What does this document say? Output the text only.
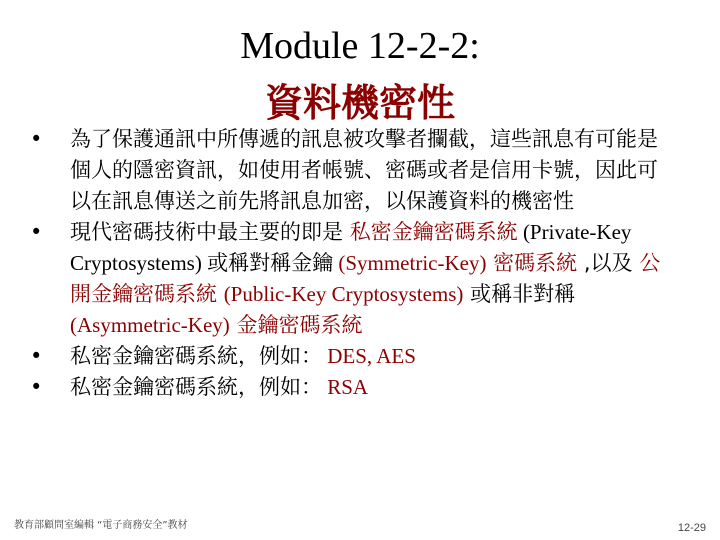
Module 12-2-2:
資料機密性
• 為了保護通訊中所傳遞的訊息被攻擊者攔截，這些訊息有可能是個人的隱密資訊，如使用者帳號、密碼或者是信用卡號，因此可以在訊息傳送之前先將訊息加密，以保護資料的機密性
• 現代密碼技術中最主要的即是 私密金鑰密碼系統 (Private-Key Cryptosystems) 或稱對稱金鑰 (Symmetric-Key) 密碼系統 ,以及 公開金鑰密碼系統 (Public-Key Cryptosystems) 或稱非對稱 (Asymmetric-Key) 金鑰密碼系統
• 私密金鑰密碼系統，例如： DES, AES
• 私密金鑰密碼系統，例如： RSA
教育部顧問室編輯 “電子商務安全”教材	12-29
